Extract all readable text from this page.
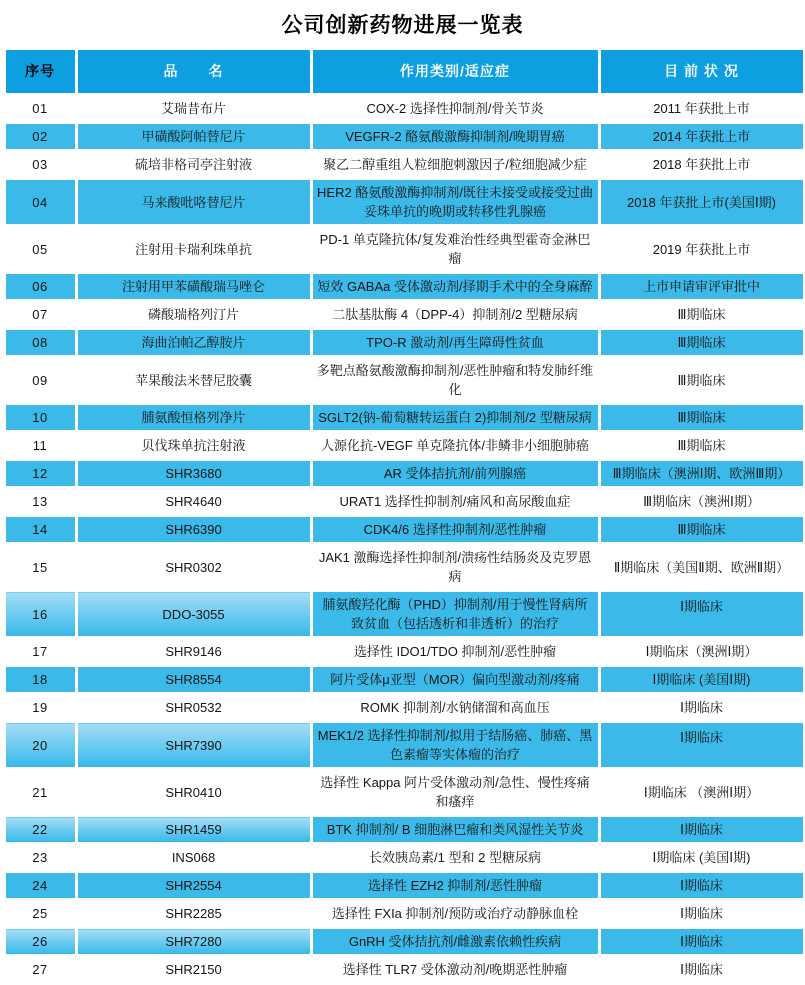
公司创新药物进展一览表
序号	品　　名	作用类别/适应症	目 前 状 况
01	艾瑞昔布片	COX-2 选择性抑制剂/骨关节炎	2011 年获批上市
02	甲磺酸阿帕替尼片	VEGFR-2 酪氨酸激酶抑制剂/晚期胃癌	2014 年获批上市
03	硫培非格司亭注射液	聚乙二醇重组人粒细胞刺激因子/粒细胞减少症	2018 年获批上市
04	马来酸吡咯替尼片	HER2 酪氨酸激酶抑制剂/既往未接受或接受过曲妥珠单抗的晚期或转移性乳腺癌	2018 年获批上市(美国Ⅰ期)
05	注射用卡瑞利珠单抗	PD-1 单克隆抗体/复发难治性经典型霍奇金淋巴瘤	2019 年获批上市
06	注射用甲苯磺酸瑞马唑仑	短效 GABAa 受体激动剂/择期手术中的全身麻醉	上市申请审评审批中
07	磷酸瑞格列汀片	二肽基肽酶 4（DPP-4）抑制剂/2 型糖尿病	Ⅲ期临床
08	海曲泊帕乙醇胺片	TPO-R 激动剂/再生障碍性贫血	Ⅲ期临床
09	苹果酸法米替尼胶囊	多靶点酪氨酸激酶抑制剂/恶性肿瘤和特发肺纤维化	Ⅲ期临床
10	脯氨酸恒格列净片	SGLT2(钠-葡萄糖转运蛋白 2)抑制剂/2 型糖尿病	Ⅲ期临床
11	贝伐珠单抗注射液	人源化抗-VEGF 单克隆抗体/非鳞非小细胞肺癌	Ⅲ期临床
12	SHR3680	AR 受体拮抗剂/前列腺癌	Ⅲ期临床（澳洲Ⅰ期、欧洲Ⅲ期）
13	SHR4640	URAT1 选择性抑制剂/痛风和高尿酸血症	Ⅲ期临床（澳洲Ⅰ期）
14	SHR6390	CDK4/6 选择性抑制剂/恶性肿瘤	Ⅲ期临床
15	SHR0302	JAK1 激酶选择性抑制剂/溃疡性结肠炎及克罗恩病	Ⅱ期临床（美国Ⅱ期、欧洲Ⅱ期）
16	DDO-3055	脯氨酸羟化酶（PHD）抑制剂/用于慢性肾病所致贫血（包括透析和非透析）的治疗	Ⅰ期临床
17	SHR9146	选择性 IDO1/TDO 抑制剂/恶性肿瘤	Ⅰ期临床（澳洲Ⅰ期）
18	SHR8554	阿片受体μ亚型（MOR）偏向型激动剂/疼痛	Ⅰ期临床 (美国Ⅰ期)
19	SHR0532	ROMK 抑制剂/水钠储溜和高血压	Ⅰ期临床
20	SHR7390	MEK1/2 选择性抑制剂/拟用于结肠癌、肺癌、黑色素瘤等实体瘤的治疗	Ⅰ期临床
21	SHR0410	选择性 Kappa 阿片受体激动剂/急性、慢性疼痛和瘙痒	Ⅰ期临床 （澳洲Ⅰ期）
22	SHR1459	BTK 抑制剂/ B 细胞淋巴瘤和类风湿性关节炎	Ⅰ期临床
23	INS068	长效胰岛素/1 型和 2 型糖尿病	Ⅰ期临床 (美国Ⅰ期)
24	SHR2554	选择性 EZH2 抑制剂/恶性肿瘤	Ⅰ期临床
25	SHR2285	选择性 FXIa 抑制剂/预防或治疗动静脉血栓	Ⅰ期临床
26	SHR7280	GnRH 受体拮抗剂/雌激素依赖性疾病	Ⅰ期临床
27	SHR2150	选择性 TLR7 受体激动剂/晚期恶性肿瘤	Ⅰ期临床
